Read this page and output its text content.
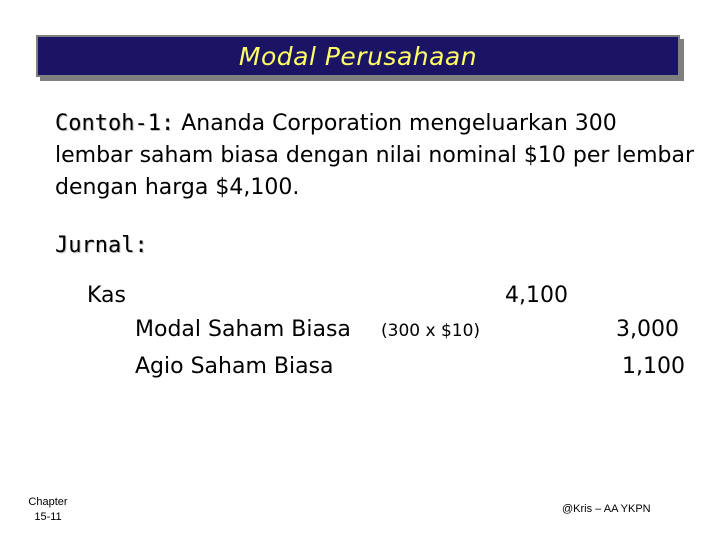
Modal Perusahaan
Contoh-1: Ananda Corporation mengeluarkan 300 lembar saham biasa dengan nilai nominal $10 per lembar dengan harga $4,100.
Jurnal:
Kas	4,100
Modal Saham Biasa (300 x $10)	3,000
Agio Saham Biasa	1,100
Chapter
15-11
@Kris – AA YKPN
